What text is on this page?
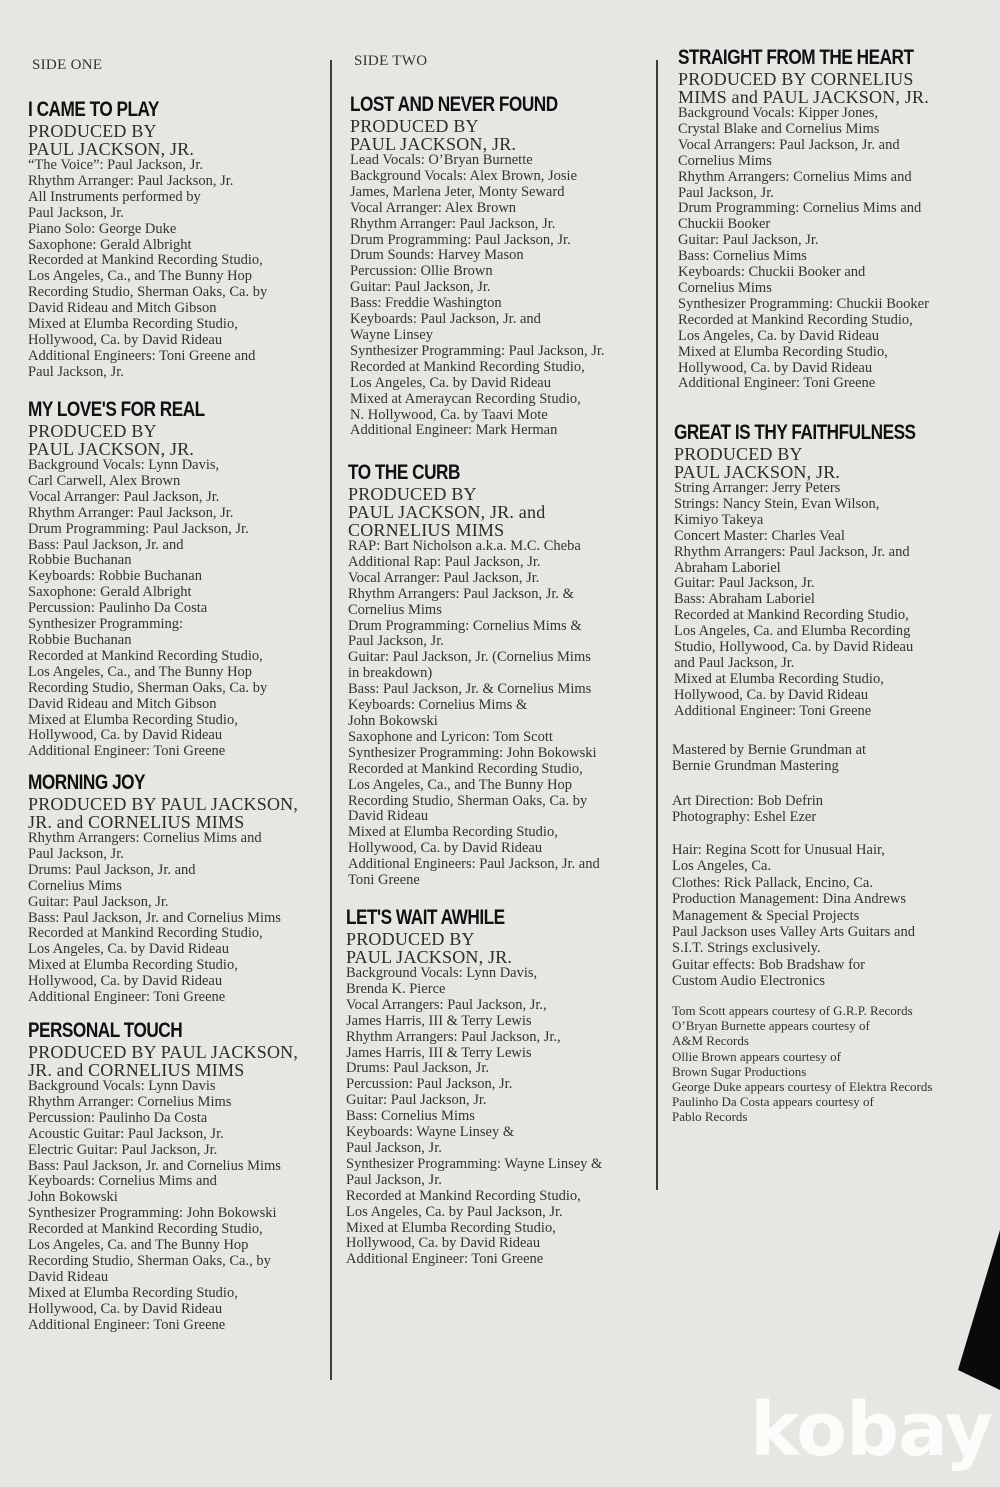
SIDE ONE
I CAME TO PLAY
PRODUCED BY
PAUL JACKSON, JR.
“The Voice”: Paul Jackson, Jr.
Rhythm Arranger: Paul Jackson, Jr.
All Instruments performed by
Paul Jackson, Jr.
Piano Solo: George Duke
Saxophone: Gerald Albright
Recorded at Mankind Recording Studio,
Los Angeles, Ca., and The Bunny Hop
Recording Studio, Sherman Oaks, Ca. by
David Rideau and Mitch Gibson
Mixed at Elumba Recording Studio,
Hollywood, Ca. by David Rideau
Additional Engineers: Toni Greene and
Paul Jackson, Jr.
MY LOVE'S FOR REAL
PRODUCED BY
PAUL JACKSON, JR.
Background Vocals: Lynn Davis,
Carl Carwell, Alex Brown
Vocal Arranger: Paul Jackson, Jr.
Rhythm Arranger: Paul Jackson, Jr.
Drum Programming: Paul Jackson, Jr.
Bass: Paul Jackson, Jr. and
Robbie Buchanan
Keyboards: Robbie Buchanan
Saxophone: Gerald Albright
Percussion: Paulinho Da Costa
Synthesizer Programming:
Robbie Buchanan
Recorded at Mankind Recording Studio,
Los Angeles, Ca., and The Bunny Hop
Recording Studio, Sherman Oaks, Ca. by
David Rideau and Mitch Gibson
Mixed at Elumba Recording Studio,
Hollywood, Ca. by David Rideau
Additional Engineer: Toni Greene
MORNING JOY
PRODUCED BY PAUL JACKSON,
JR. and CORNELIUS MIMS
Rhythm Arrangers: Cornelius Mims and
Paul Jackson, Jr.
Drums: Paul Jackson, Jr. and
Cornelius Mims
Guitar: Paul Jackson, Jr.
Bass: Paul Jackson, Jr. and Cornelius Mims
Recorded at Mankind Recording Studio,
Los Angeles, Ca. by David Rideau
Mixed at Elumba Recording Studio,
Hollywood, Ca. by David Rideau
Additional Engineer: Toni Greene
PERSONAL TOUCH
PRODUCED BY PAUL JACKSON,
JR. and CORNELIUS MIMS
Background Vocals: Lynn Davis
Rhythm Arranger: Cornelius Mims
Percussion: Paulinho Da Costa
Acoustic Guitar: Paul Jackson, Jr.
Electric Guitar: Paul Jackson, Jr.
Bass: Paul Jackson, Jr. and Cornelius Mims
Keyboards: Cornelius Mims and
John Bokowski
Synthesizer Programming: John Bokowski
Recorded at Mankind Recording Studio,
Los Angeles, Ca. and The Bunny Hop
Recording Studio, Sherman Oaks, Ca., by
David Rideau
Mixed at Elumba Recording Studio,
Hollywood, Ca. by David Rideau
Additional Engineer: Toni Greene
SIDE TWO
LOST AND NEVER FOUND
PRODUCED BY
PAUL JACKSON, JR.
Lead Vocals: O’Bryan Burnette
Background Vocals: Alex Brown, Josie
James, Marlena Jeter, Monty Seward
Vocal Arranger: Alex Brown
Rhythm Arranger: Paul Jackson, Jr.
Drum Programming: Paul Jackson, Jr.
Drum Sounds: Harvey Mason
Percussion: Ollie Brown
Guitar: Paul Jackson, Jr.
Bass: Freddie Washington
Keyboards: Paul Jackson, Jr. and
Wayne Linsey
Synthesizer Programming: Paul Jackson, Jr.
Recorded at Mankind Recording Studio,
Los Angeles, Ca. by David Rideau
Mixed at Ameraycan Recording Studio,
N. Hollywood, Ca. by Taavi Mote
Additional Engineer: Mark Herman
TO THE CURB
PRODUCED BY
PAUL JACKSON, JR. and
CORNELIUS MIMS
RAP: Bart Nicholson a.k.a. M.C. Cheba
Additional Rap: Paul Jackson, Jr.
Vocal Arranger: Paul Jackson, Jr.
Rhythm Arrangers: Paul Jackson, Jr. &
Cornelius Mims
Drum Programming: Cornelius Mims &
Paul Jackson, Jr.
Guitar: Paul Jackson, Jr. (Cornelius Mims
in breakdown)
Bass: Paul Jackson, Jr. & Cornelius Mims
Keyboards: Cornelius Mims &
John Bokowski
Saxophone and Lyricon: Tom Scott
Synthesizer Programming: John Bokowski
Recorded at Mankind Recording Studio,
Los Angeles, Ca., and The Bunny Hop
Recording Studio, Sherman Oaks, Ca. by
David Rideau
Mixed at Elumba Recording Studio,
Hollywood, Ca. by David Rideau
Additional Engineers: Paul Jackson, Jr. and
Toni Greene
LET'S WAIT AWHILE
PRODUCED BY
PAUL JACKSON, JR.
Background Vocals: Lynn Davis,
Brenda K. Pierce
Vocal Arrangers: Paul Jackson, Jr.,
James Harris, III & Terry Lewis
Rhythm Arrangers: Paul Jackson, Jr.,
James Harris, III & Terry Lewis
Drums: Paul Jackson, Jr.
Percussion: Paul Jackson, Jr.
Guitar: Paul Jackson, Jr.
Bass: Cornelius Mims
Keyboards: Wayne Linsey &
Paul Jackson, Jr.
Synthesizer Programming: Wayne Linsey &
Paul Jackson, Jr.
Recorded at Mankind Recording Studio,
Los Angeles, Ca. by Paul Jackson, Jr.
Mixed at Elumba Recording Studio,
Hollywood, Ca. by David Rideau
Additional Engineer: Toni Greene
STRAIGHT FROM THE HEART
PRODUCED BY CORNELIUS
MIMS and PAUL JACKSON, JR.
Background Vocals: Kipper Jones,
Crystal Blake and Cornelius Mims
Vocal Arrangers: Paul Jackson, Jr. and
Cornelius Mims
Rhythm Arrangers: Cornelius Mims and
Paul Jackson, Jr.
Drum Programming: Cornelius Mims and
Chuckii Booker
Guitar: Paul Jackson, Jr.
Bass: Cornelius Mims
Keyboards: Chuckii Booker and
Cornelius Mims
Synthesizer Programming: Chuckii Booker
Recorded at Mankind Recording Studio,
Los Angeles, Ca. by David Rideau
Mixed at Elumba Recording Studio,
Hollywood, Ca. by David Rideau
Additional Engineer: Toni Greene
GREAT IS THY FAITHFULNESS
PRODUCED BY
PAUL JACKSON, JR.
String Arranger: Jerry Peters
Strings: Nancy Stein, Evan Wilson,
Kimiyo Takeya
Concert Master: Charles Veal
Rhythm Arrangers: Paul Jackson, Jr. and
Abraham Laboriel
Guitar: Paul Jackson, Jr.
Bass: Abraham Laboriel
Recorded at Mankind Recording Studio,
Los Angeles, Ca. and Elumba Recording
Studio, Hollywood, Ca. by David Rideau
and Paul Jackson, Jr.
Mixed at Elumba Recording Studio,
Hollywood, Ca. by David Rideau
Additional Engineer: Toni Greene
Mastered by Bernie Grundman at
Bernie Grundman Mastering
Art Direction: Bob Defrin
Photography: Eshel Ezer
Hair: Regina Scott for Unusual Hair,
Los Angeles, Ca.
Clothes: Rick Pallack, Encino, Ca.
Production Management: Dina Andrews
Management & Special Projects
Paul Jackson uses Valley Arts Guitars and
S.I.T. Strings exclusively.
Guitar effects: Bob Bradshaw for
Custom Audio Electronics
Tom Scott appears courtesy of G.R.P. Records
O’Bryan Burnette appears courtesy of
A&M Records
Ollie Brown appears courtesy of
Brown Sugar Productions
George Duke appears courtesy of Elektra Records
Paulinho Da Costa appears courtesy of
Pablo Records
kobay
